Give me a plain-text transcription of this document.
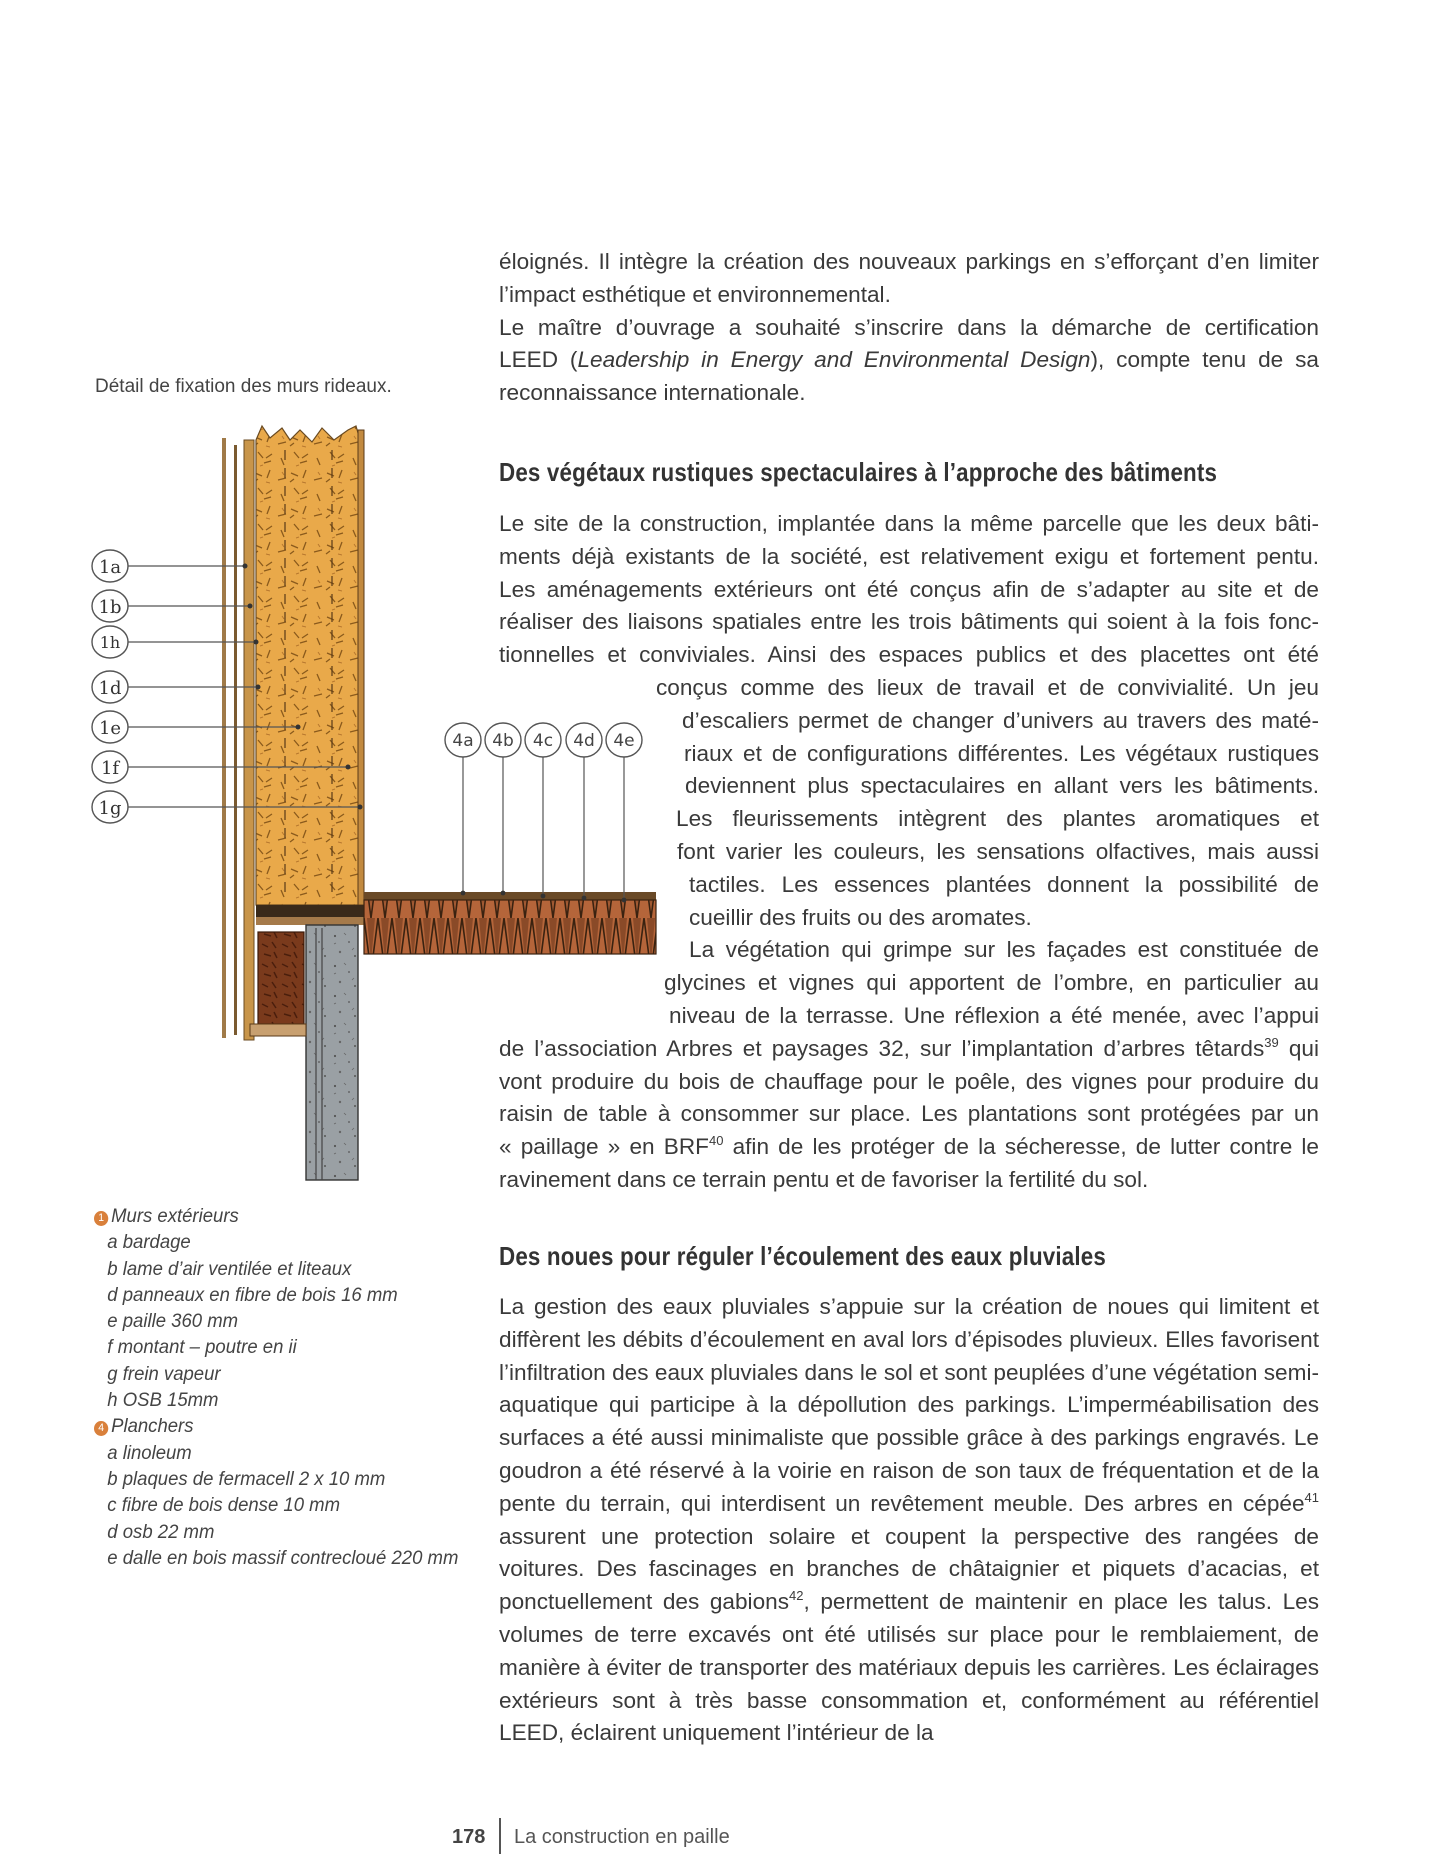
éloignés. Il intègre la création des nouveaux parkings en s’efforçant d’en limiter
l’impact esthétique et environnemental.
Le maître d’ouvrage a souhaité s’inscrire dans la démarche de certification
LEED (Leadership in Energy and Environmental Design), compte tenu de sa
reconnaissance internationale.
Détail de fixation des murs rideaux.
1a
1b
1h
1d
1e
1f
1g
4a 4b 4c 4d 4e
Des végétaux rustiques spectaculaires à l’approche des bâtiments
Le site de la construction, implantée dans la même parcelle que les deux bâti-
ments déjà existants de la société, est relativement exigu et fortement pentu.
Les aménagements extérieurs ont été conçus afin de s’adapter au site et de
réaliser des liaisons spatiales entre les trois bâtiments qui soient à la fois fonc-
tionnelles et conviviales. Ainsi des espaces publics et des placettes ont été
conçus comme des lieux de travail et de convivialité. Un jeu
d’escaliers permet de changer d’univers au travers des maté-
riaux et de configurations différentes. Les végétaux rustiques
deviennent plus spectaculaires en allant vers les bâtiments.
Les fleurissements intègrent des plantes aromatiques et
font varier les couleurs, les sensations olfactives, mais aussi
tactiles. Les essences plantées donnent la possibilité de
cueillir des fruits ou des aromates.
La végétation qui grimpe sur les façades est constituée de
glycines et vignes qui apportent de l’ombre, en particulier au
niveau de la terrasse. Une réflexion a été menée, avec l’appui
de l’association Arbres et paysages 32, sur l’implantation d’arbres têtards$^{39}$ qui
vont produire du bois de chauffage pour le poêle, des vignes pour produire du
raisin de table à consommer sur place. Les plantations sont protégées par un
« paillage » en BRF$^{40}$ afin de les protéger de la sécheresse, de lutter contre le
ravinement dans ce terrain pentu et de favoriser la fertilité du sol.
Des noues pour réguler l’écoulement des eaux pluviales

La gestion des eaux pluviales s’appuie sur la création de noues qui limitent et diffèrent les débits d’écoulement en aval lors d’épisodes pluvieux. Elles favorisent l’infiltration des eaux pluviales dans le sol et sont peuplées d’une végétation semi-aquatique qui participe à la dépollution des parkings. L’imperméabilisation des surfaces a été aussi minimaliste que possible grâce à des parkings engravés. Le goudron a été réservé à la voirie en raison de son taux de fréquentation et de la pente du terrain, qui interdisent un revêtement meuble. Des arbres en cépée$^{41}$ assurent une protection solaire et coupent la perspective des rangées de voitures. Des fascinages en branches de châtaignier et piquets d’acacias, et ponctuellement des gabions$^{42}$, permettent de maintenir en place les talus. Les volumes de terre excavés ont été utilisés sur place pour le remblaiement, de manière à éviter de transporter des matériaux depuis les carrières. Les éclairages extérieurs sont à très basse consommation et, conformément au référentiel LEED, éclairent uniquement l’intérieur de la

1 Murs extérieurs
a bardage
b lame d’air ventilée et liteaux
d panneaux en fibre de bois 16 mm
e paille 360 mm
f montant – poutre en ii
g frein vapeur
h OSB 15mm
4 Planchers
a linoleum
b plaques de fermacell 2 x 10 mm
c fibre de bois dense 10 mm
d osb 22 mm
e dalle en bois massif contrecloué 220 mm
178 La construction en paille
